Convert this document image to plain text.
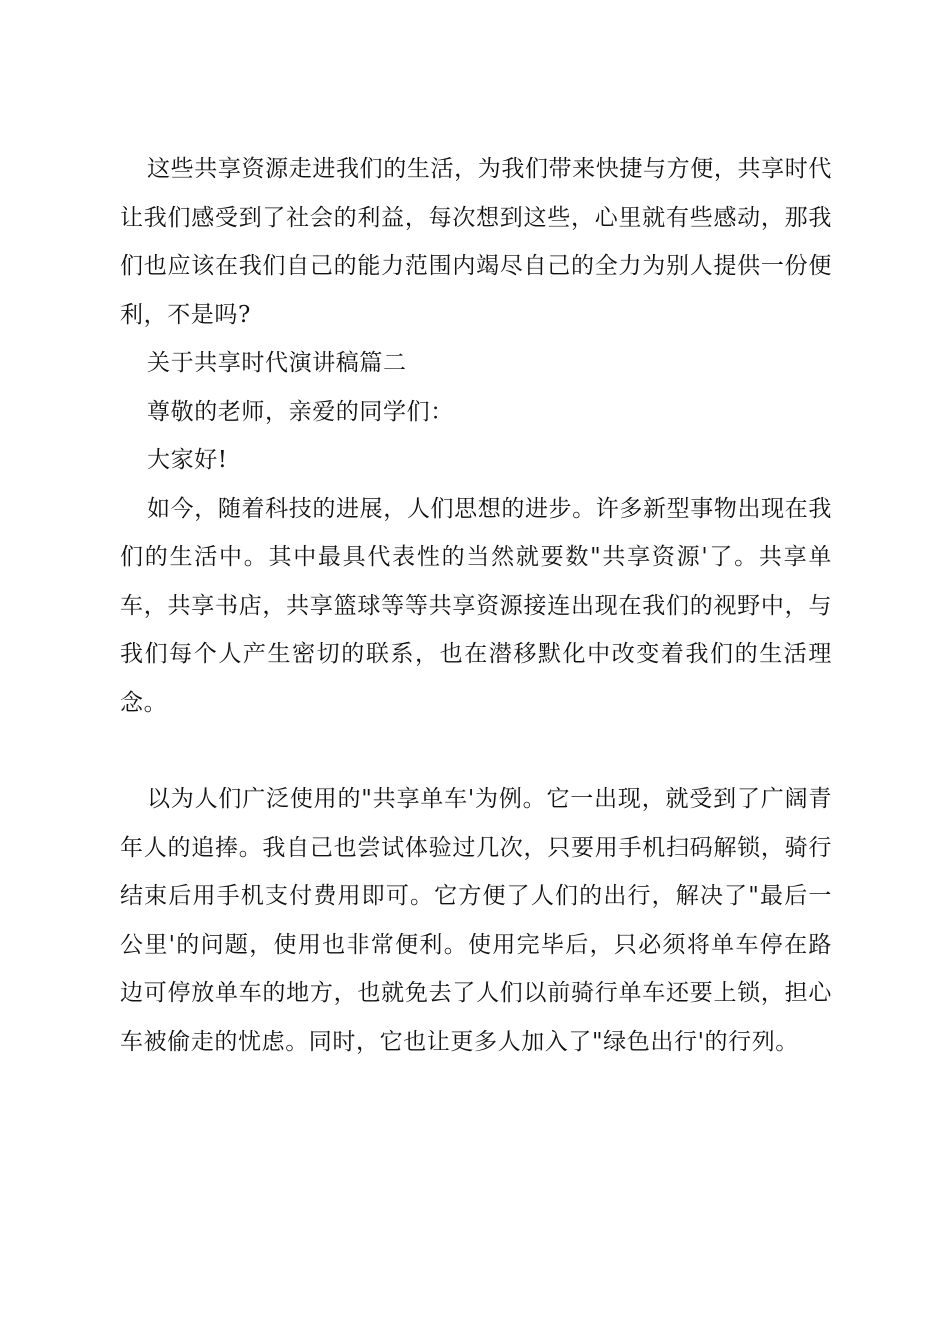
这些共享资源走进我们的生活，为我们带来快捷与方便，共享时代让我们感受到了社会的利益，每次想到这些，心里就有些感动，那我们也应该在我们自己的能力范围内竭尽自己的全力为别人提供一份便利，不是吗?

关于共享时代演讲稿篇二

尊敬的老师，亲爱的同学们：

大家好!

如今，随着科技的进展，人们思想的进步。许多新型事物出现在我们的生活中。其中最具代表性的当然就要数"共享资源'了。共享单车，共享书店，共享篮球等等共享资源接连出现在我们的视野中，与我们每个人产生密切的联系，也在潜移默化中改变着我们的生活理念。

以为人们广泛使用的"共享单车'为例。它一出现，就受到了广阔青年人的追捧。我自己也尝试体验过几次，只要用手机扫码解锁，骑行结束后用手机支付费用即可。它方便了人们的出行，解决了"最后一公里'的问题，使用也非常便利。使用完毕后，只必须将单车停在路边可停放单车的地方，也就免去了人们以前骑行单车还要上锁，担心车被偷走的忧虑。同时，它也让更多人加入了"绿色出行'的行列。
